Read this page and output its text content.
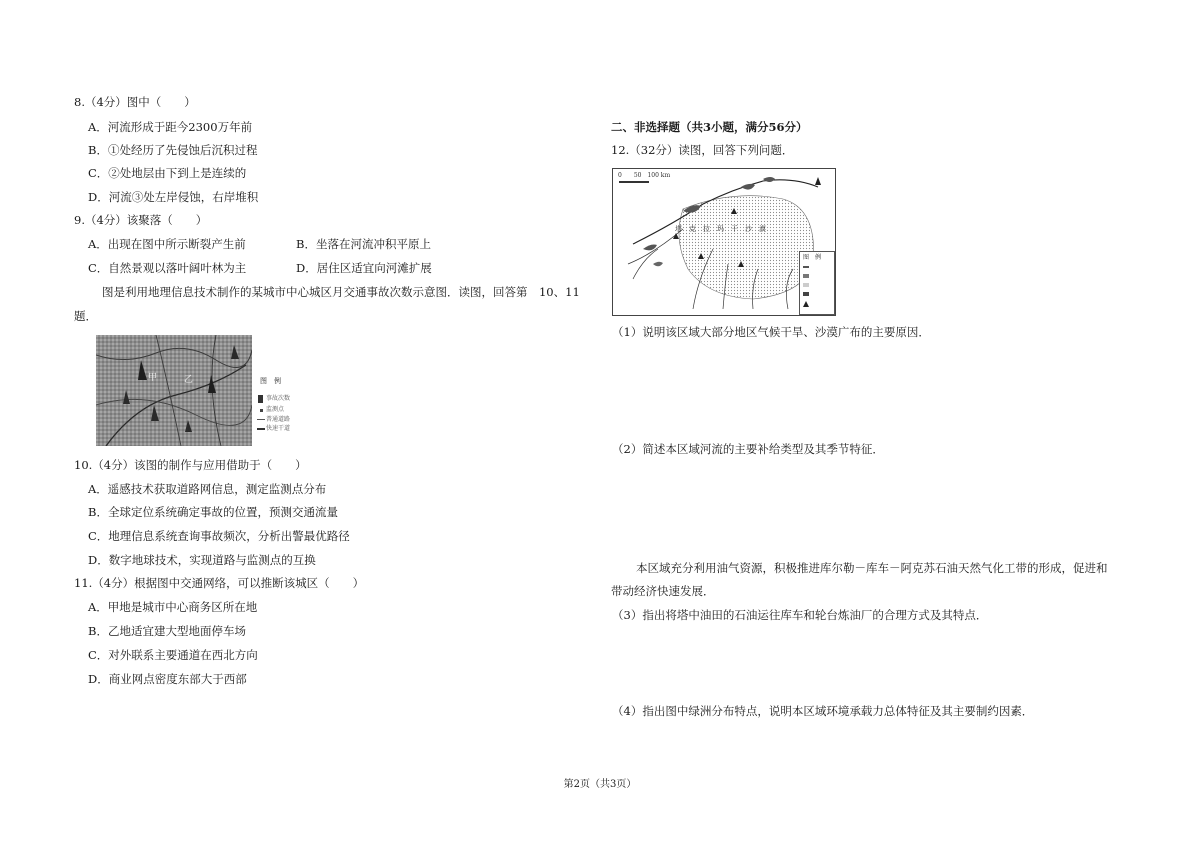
8.（4分）图中（　　）
A．河流形成于距今2300万年前
B．①处经历了先侵蚀后沉积过程
C．②处地层由下到上是连续的
D．河流③处左岸侵蚀，右岸堆积
9.（4分）该聚落（　　）
A．出现在图中所示断裂产生前	B．坐落在河流冲积平原上
C．自然景观以落叶阔叶林为主	D．居住区适宜向河滩扩展
图是利用地理信息技术制作的某城市中心城区月交通事故次数示意图．读图，回答第　10、11
题．
甲	乙	图　例
事故次数
监测点
普通道路
快速干道
10.（4分）该图的制作与应用借助于（　　）
A．遥感技术获取道路网信息，测定监测点分布
B．全球定位系统确定事故的位置，预测交通流量
C．地理信息系统查询事故频次，分析出警最优路径
D．数字地球技术，实现道路与监测点的互换
11.（4分）根据图中交通网络，可以推断该城区（　　）
A．甲地是城市中心商务区所在地
B．乙地适宜建大型地面停车场
C．对外联系主要通道在西北方向
D．商业网点密度东部大于西部
二、非选择题（共3小题，满分56分）
12.（32分）读图，回答下列问题．
0　　50　100 km
塔　克　拉　玛　干　沙　漠
图　例
（1）说明该区域大部分地区气候干旱、沙漠广布的主要原因．
（2）简述本区域河流的主要补给类型及其季节特征．
本区域充分利用油气资源，积极推进库尔勒－库车－阿克苏石油天然气化工带的形成，促进和
带动经济快速发展．
（3）指出将塔中油田的石油运往库车和轮台炼油厂的合理方式及其特点．
（4）指出图中绿洲分布特点，说明本区域环境承载力总体特征及其主要制约因素．
第2页（共3页）
